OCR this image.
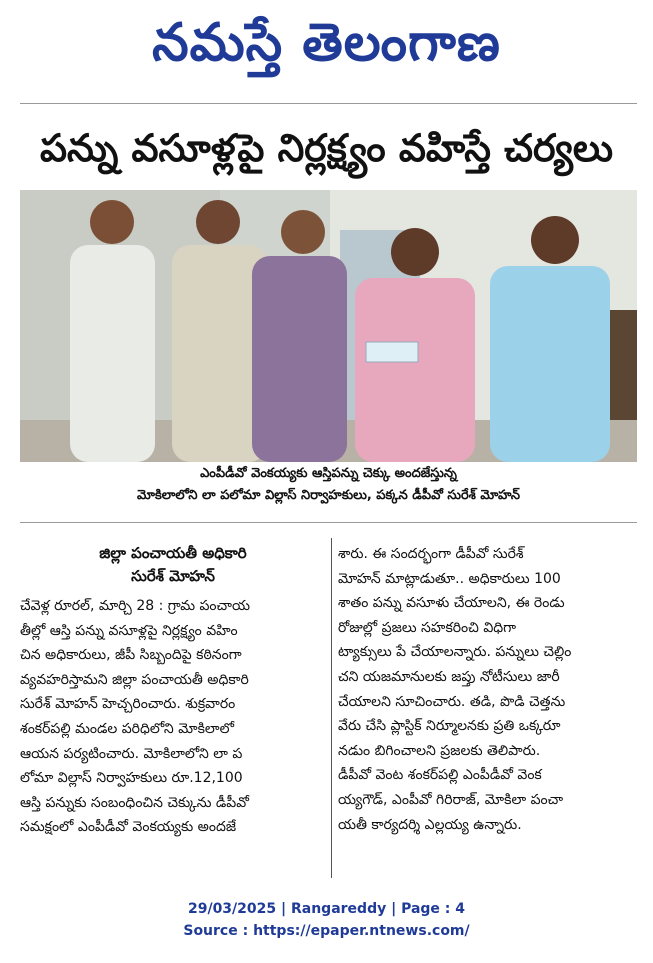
నమస్తే తెలంగాణ
పన్ను వసూళ్లపై నిర్లక్ష్యం వహిస్తే చర్యలు
ఎంపీడీవో వెంకయ్యకు ఆస్తిపన్ను చెక్కు అందజేస్తున్న
మోకిలాలోని లా పలోమా విల్లాస్ నిర్వాహకులు, పక్కన డీపీవో సురేశ్ మోహన్
జిల్లా పంచాయతీ అధికారి
సురేశ్ మోహన్
చేవెళ్ల రూరల్, మార్చి 28 : గ్రామ పంచాయ
తీల్లో ఆస్తి పన్ను వసూళ్లపై నిర్లక్ష్యం వహిం
చిన అధికారులు, జీపీ సిబ్బందిపై కఠినంగా
వ్యవహరిస్తామని జిల్లా పంచాయతీ అధికారి
సురేశ్ మోహన్ హెచ్చరించారు. శుక్రవారం
శంకర్‌పల్లి మండల పరిధిలోని మోకిలాలో
ఆయన పర్యటించారు. మోకిలాలోని లా ప
లోమా విల్లాస్ నిర్వాహకులు రూ.12,100
ఆస్తి పన్నుకు సంబంధించిన చెక్కును డీపీవో
సమక్షంలో ఎంపీడీవో వెంకయ్యకు అందజే
శారు. ఈ సందర్భంగా డీపీవో సురేశ్
మోహన్ మాట్లాడుతూ.. అధికారులు 100
శాతం పన్ను వసూళు చేయాలని, ఈ రెండు
రోజుల్లో ప్రజలు సహకరించి విధిగా
ట్యాక్సులు పే చేయాలన్నారు. పన్నులు చెల్లిం
చని యజమానులకు జప్తు నోటీసులు జారీ
చేయాలని సూచించారు. తడి, పొడి చెత్తను
వేరు చేసి ప్లాస్టిక్ నిర్మూలనకు ప్రతి ఒక్కరూ
నడుం బిగించాలని ప్రజలకు తెలిపారు.
డీపీవో వెంట శంకర్‌పల్లి ఎంపీడీవో వెంక
య్యగౌడ్, ఎంపీవో గిరిరాజ్, మోకిలా పంచా
యతీ కార్యదర్శి ఎల్లయ్య ఉన్నారు.
29/03/2025 | Rangareddy | Page : 4
Source : https://epaper.ntnews.com/
